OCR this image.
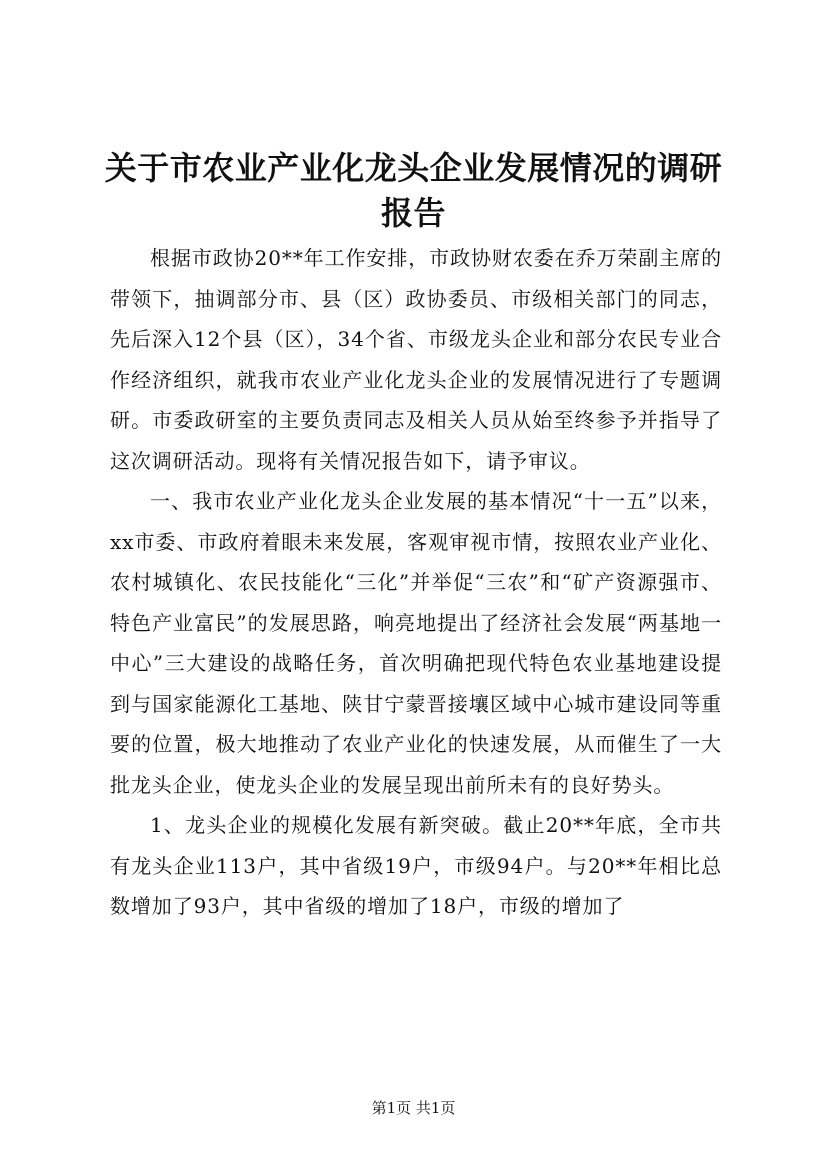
关于市农业产业化龙头企业发展情况的调研报告

根据市政协20**年工作安排，市政协财农委在乔万荣副主席的带领下，抽调部分市、县（区）政协委员、市级相关部门的同志，先后深入12个县（区），34个省、市级龙头企业和部分农民专业合作经济组织，就我市农业产业化龙头企业的发展情况进行了专题调研。市委政研室的主要负责同志及相关人员从始至终参予并指导了这次调研活动。现将有关情况报告如下，请予审议。

一、我市农业产业化龙头企业发展的基本情况“十一五”以来，xx市委、市政府着眼未来发展，客观审视市情，按照农业产业化、农村城镇化、农民技能化“三化”并举促“三农”和“矿产资源强市、特色产业富民”的发展思路，响亮地提出了经济社会发展“两基地一中心”三大建设的战略任务，首次明确把现代特色农业基地建设提到与国家能源化工基地、陕甘宁蒙晋接壤区域中心城市建设同等重要的位置，极大地推动了农业产业化的快速发展，从而催生了一大批龙头企业，使龙头企业的发展呈现出前所未有的良好势头。

1、龙头企业的规模化发展有新突破。截止20**年底，全市共有龙头企业113户，其中省级19户，市级94户。与20**年相比总数增加了93户，其中省级的增加了18户，市级的增加了

第1页 共1页
